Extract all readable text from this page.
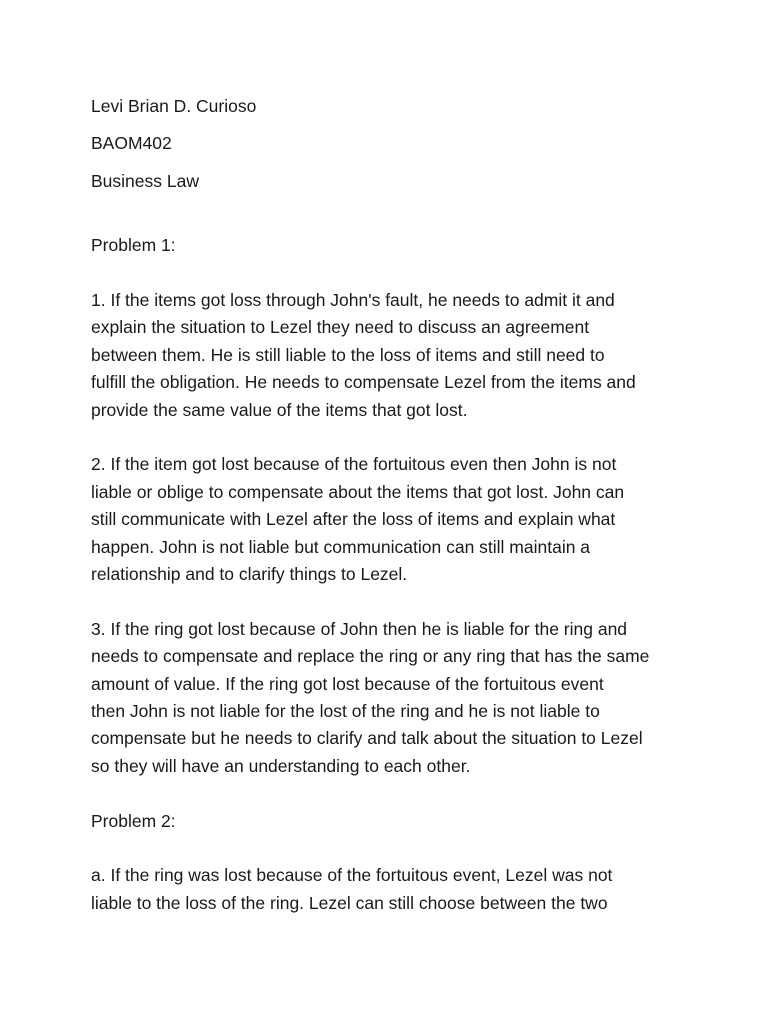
Levi Brian D. Curioso

BAOM402

Business Law

Problem 1:

1. If the items got loss through John's fault, he needs to admit it and
explain the situation to Lezel they need to discuss an agreement
between them. He is still liable to the loss of items and still need to
fulfill the obligation. He needs to compensate Lezel from the items and
provide the same value of the items that got lost.
2. If the item got lost because of the fortuitous even then John is not
liable or oblige to compensate about the items that got lost. John can
still communicate with Lezel after the loss of items and explain what
happen. John is not liable but communication can still maintain a
relationship and to clarify things to Lezel.
3. If the ring got lost because of John then he is liable for the ring and
needs to compensate and replace the ring or any ring that has the same
amount of value. If the ring got lost because of the fortuitous event
then John is not liable for the lost of the ring and he is not liable to
compensate but he needs to clarify and talk about the situation to Lezel
so they will have an understanding to each other.

Problem 2:

a. If the ring was lost because of the fortuitous event, Lezel was not
liable to the loss of the ring. Lezel can still choose between the two
